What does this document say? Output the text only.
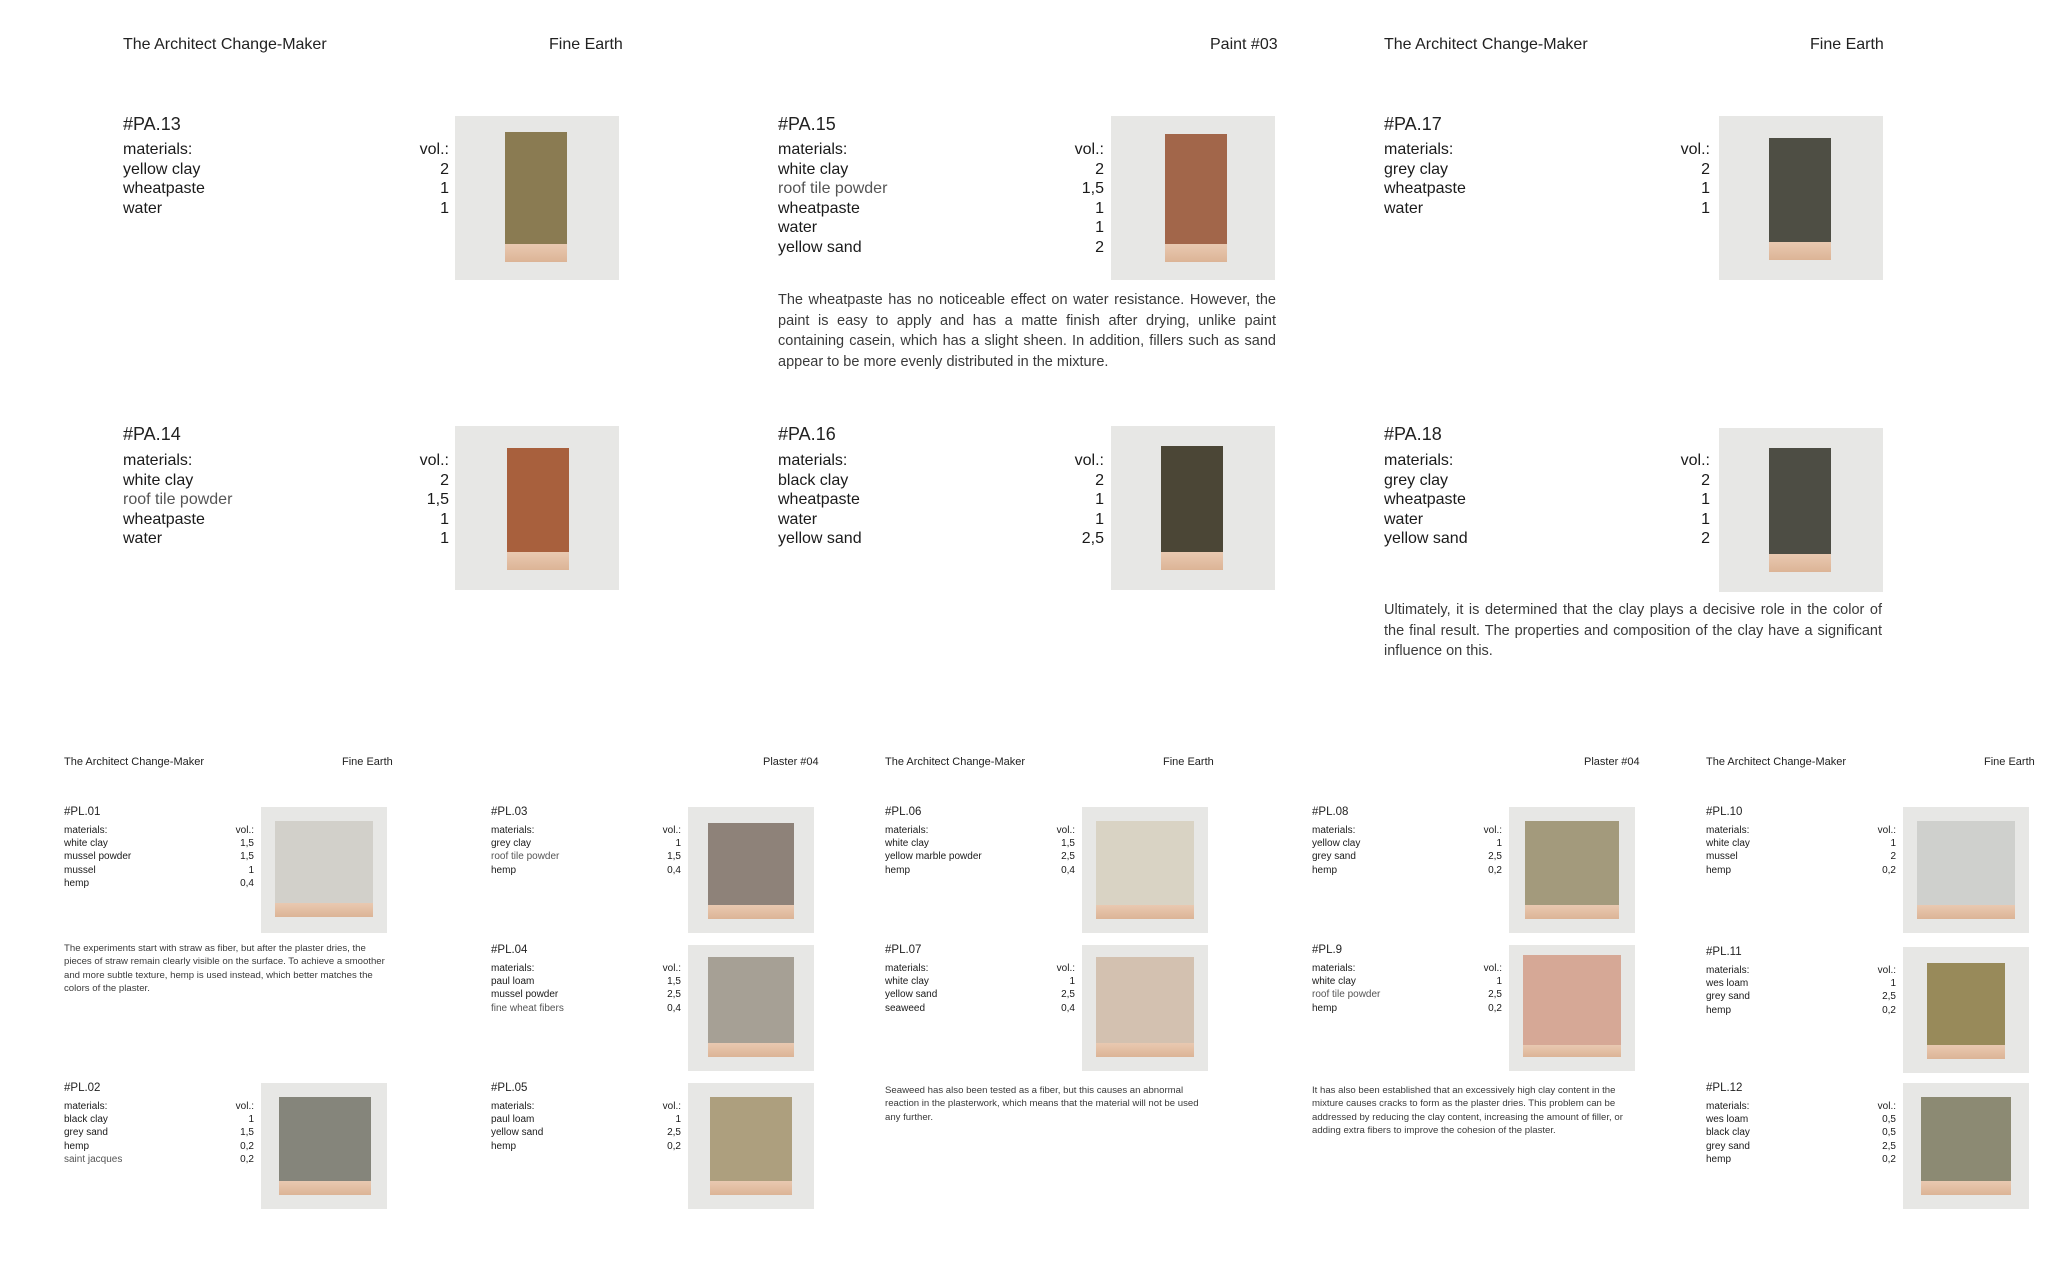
The Architect Change-Maker	Fine Earth	Paint #03	The Architect Change-Maker	Fine Earth
#PA.13
materials:	vol.:
yellow clay	2
wheatpaste	1
water	1
#PA.15
materials:	vol.:
white clay	2
roof tile powder	1,5
wheatpaste	1
water	1
yellow sand	2
The wheatpaste has no noticeable effect on water resistance. However, the paint is easy to apply and has a matte finish after drying, unlike paint containing casein, which has a slight sheen. In addition, fillers such as sand appear to be more evenly distributed in the mixture.
#PA.17
materials:	vol.:
grey clay	2
wheatpaste	1
water	1
#PA.14
materials:	vol.:
white clay	2
roof tile powder	1,5
wheatpaste	1
water	1
#PA.16
materials:	vol.:
black clay	2
wheatpaste	1
water	1
yellow sand	2,5
#PA.18
materials:	vol.:
grey clay	2
wheatpaste	1
water	1
yellow sand	2
Ultimately, it is determined that the clay plays a decisive role in the color of the final result. The properties and composition of the clay have a significant influence on this.
The Architect Change-Maker	Fine Earth	Plaster #04	The Architect Change-Maker	Fine Earth	Plaster #04	The Architect Change-Maker	Fine Earth
#PL.01
materials:	vol.:
white clay	1,5
mussel powder	1,5
mussel	1
hemp	0,4
The experiments start with straw as fiber, but after the plaster dries, the pieces of straw remain clearly visible on the surface. To achieve a smoother and more subtle texture, hemp is used instead, which better matches the colors of the plaster.
#PL.02
materials:	vol.:
black clay	1
grey sand	1,5
hemp	0,2
saint jacques	0,2
#PL.03
materials:	vol.:
grey clay	1
roof tile powder	1,5
hemp	0,4
#PL.04
materials:	vol.:
paul loam	1,5
mussel powder	2,5
fine wheat fibers	0,4
#PL.05
materials:	vol.:
paul loam	1
yellow sand	2,5
hemp	0,2
#PL.06
materials:	vol.:
white clay	1,5
yellow marble powder	2,5
hemp	0,4
#PL.07
materials:	vol.:
white clay	1
yellow sand	2,5
seaweed	0,4
Seaweed has also been tested as a fiber, but this causes an abnormal reaction in the plasterwork, which means that the material will not be used any further.
#PL.08
materials:	vol.:
yellow clay	1
grey sand	2,5
hemp	0,2
#PL.9
materials:	vol.:
white clay	1
roof tile powder	2,5
hemp	0,2
It has also been established that an excessively high clay content in the mixture causes cracks to form as the plaster dries. This problem can be addressed by reducing the clay content, increasing the amount of filler, or adding extra fibers to improve the cohesion of the plaster.
#PL.10
materials:	vol.:
white clay	1
mussel	2
hemp	0,2
#PL.11
materials:	vol.:
wes loam	1
grey sand	2,5
hemp	0,2
#PL.12
materials:	vol.:
wes loam	0,5
black clay	0,5
grey sand	2,5
hemp	0,2
